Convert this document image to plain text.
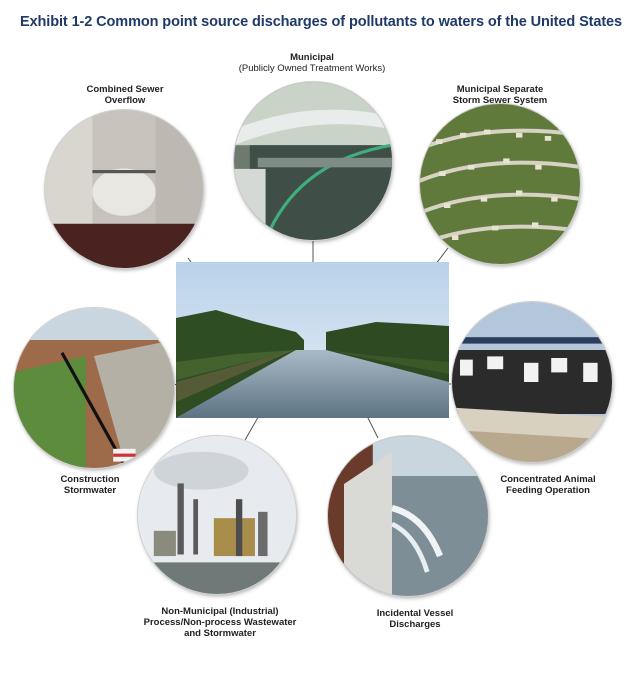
Exhibit 1-2 Common point source discharges of pollutants to waters of the United States
Municipal
(Publicly Owned Treatment Works)
Combined Sewer
Overflow
Municipal Separate
Storm Sewer System
Construction
Stormwater
Concentrated Animal
Feeding Operation
Non-Municipal (Industrial)
Process/Non-process Wastewater
and Stormwater
Incidental Vessel
Discharges
